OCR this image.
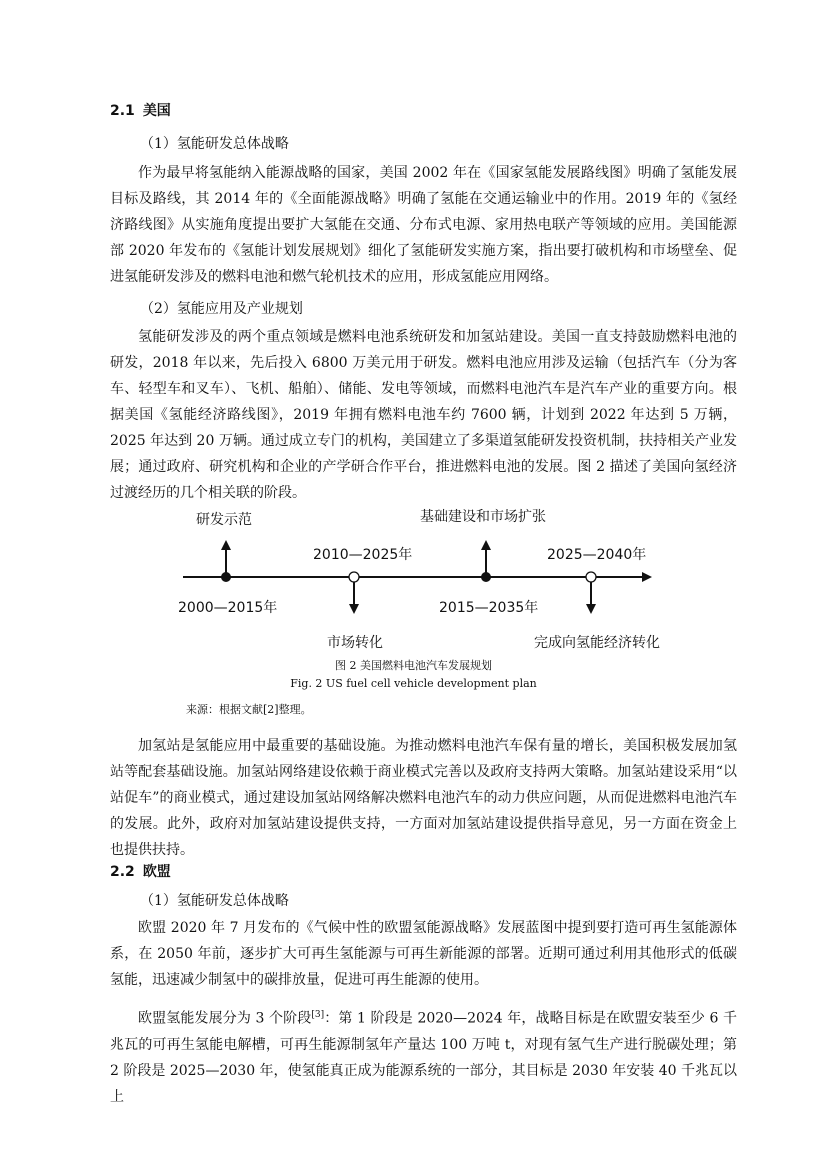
2.1 美国
（1）氢能研发总体战略

作为最早将氢能纳入能源战略的国家，美国 2002 年在《国家氢能发展路线图》明确了氢能发展目标及路线，其 2014 年的《全面能源战略》明确了氢能在交通运输业中的作用。2019 年的《氢经济路线图》从实施角度提出要扩大氢能在交通、分布式电源、家用热电联产等领域的应用。美国能源部 2020 年发布的《氢能计划发展规划》细化了氢能研发实施方案，指出要打破机构和市场壁垒、促进氢能研发涉及的燃料电池和燃气轮机技术的应用，形成氢能应用网络。

（2）氢能应用及产业规划

氢能研发涉及的两个重点领域是燃料电池系统研发和加氢站建设。美国一直支持鼓励燃料电池的研发，2018 年以来，先后投入 6800 万美元用于研发。燃料电池应用涉及运输（包括汽车（分为客车、轻型车和叉车）、飞机、船舶）、储能、发电等领域，而燃料电池汽车是汽车产业的重要方向。根据美国《氢能经济路线图》，2019 年拥有燃料电池车约 7600 辆，计划到 2022 年达到 5 万辆，2025 年达到 20 万辆。通过成立专门的机构，美国建立了多渠道氢能研发投资机制，扶持相关产业发展；通过政府、研究机构和企业的产学研合作平台，推进燃料电池的发展。图 2 描述了美国向氢经济过渡经历的几个相关联的阶段。

研发示范	基础建设和市场扩张
2010—2025年	2025—2040年
2000—2015年	2015—2035年
市场转化	完成向氢能经济转化
图 2 美国燃料电池汽车发展规划
Fig. 2 US fuel cell vehicle development plan
来源：根据文献[2]整理。

加氢站是氢能应用中最重要的基础设施。为推动燃料电池汽车保有量的增长，美国积极发展加氢站等配套基础设施。加氢站网络建设依赖于商业模式完善以及政府支持两大策略。加氢站建设采用“以站促车”的商业模式，通过建设加氢站网络解决燃料电池汽车的动力供应问题，从而促进燃料电池汽车的发展。此外，政府对加氢站建设提供支持，一方面对加氢站建设提供指导意见，另一方面在资金上也提供扶持。

2.2 欧盟
（1）氢能研发总体战略

欧盟 2020 年 7 月发布的《气候中性的欧盟氢能源战略》发展蓝图中提到要打造可再生氢能源体系，在 2050 年前，逐步扩大可再生氢能源与可再生新能源的部署。近期可通过利用其他形式的低碳氢能，迅速减少制氢中的碳排放量，促进可再生能源的使用。

欧盟氢能发展分为 3 个阶段[3]：第 1 阶段是 2020—2024 年，战略目标是在欧盟安装至少 6 千兆瓦的可再生氢能电解槽，可再生能源制氢年产量达 100 万吨 t，对现有氢气生产进行脱碳处理；第 2 阶段是 2025—2030 年，使氢能真正成为能源系统的一部分，其目标是 2030 年安装 40 千兆瓦以上
